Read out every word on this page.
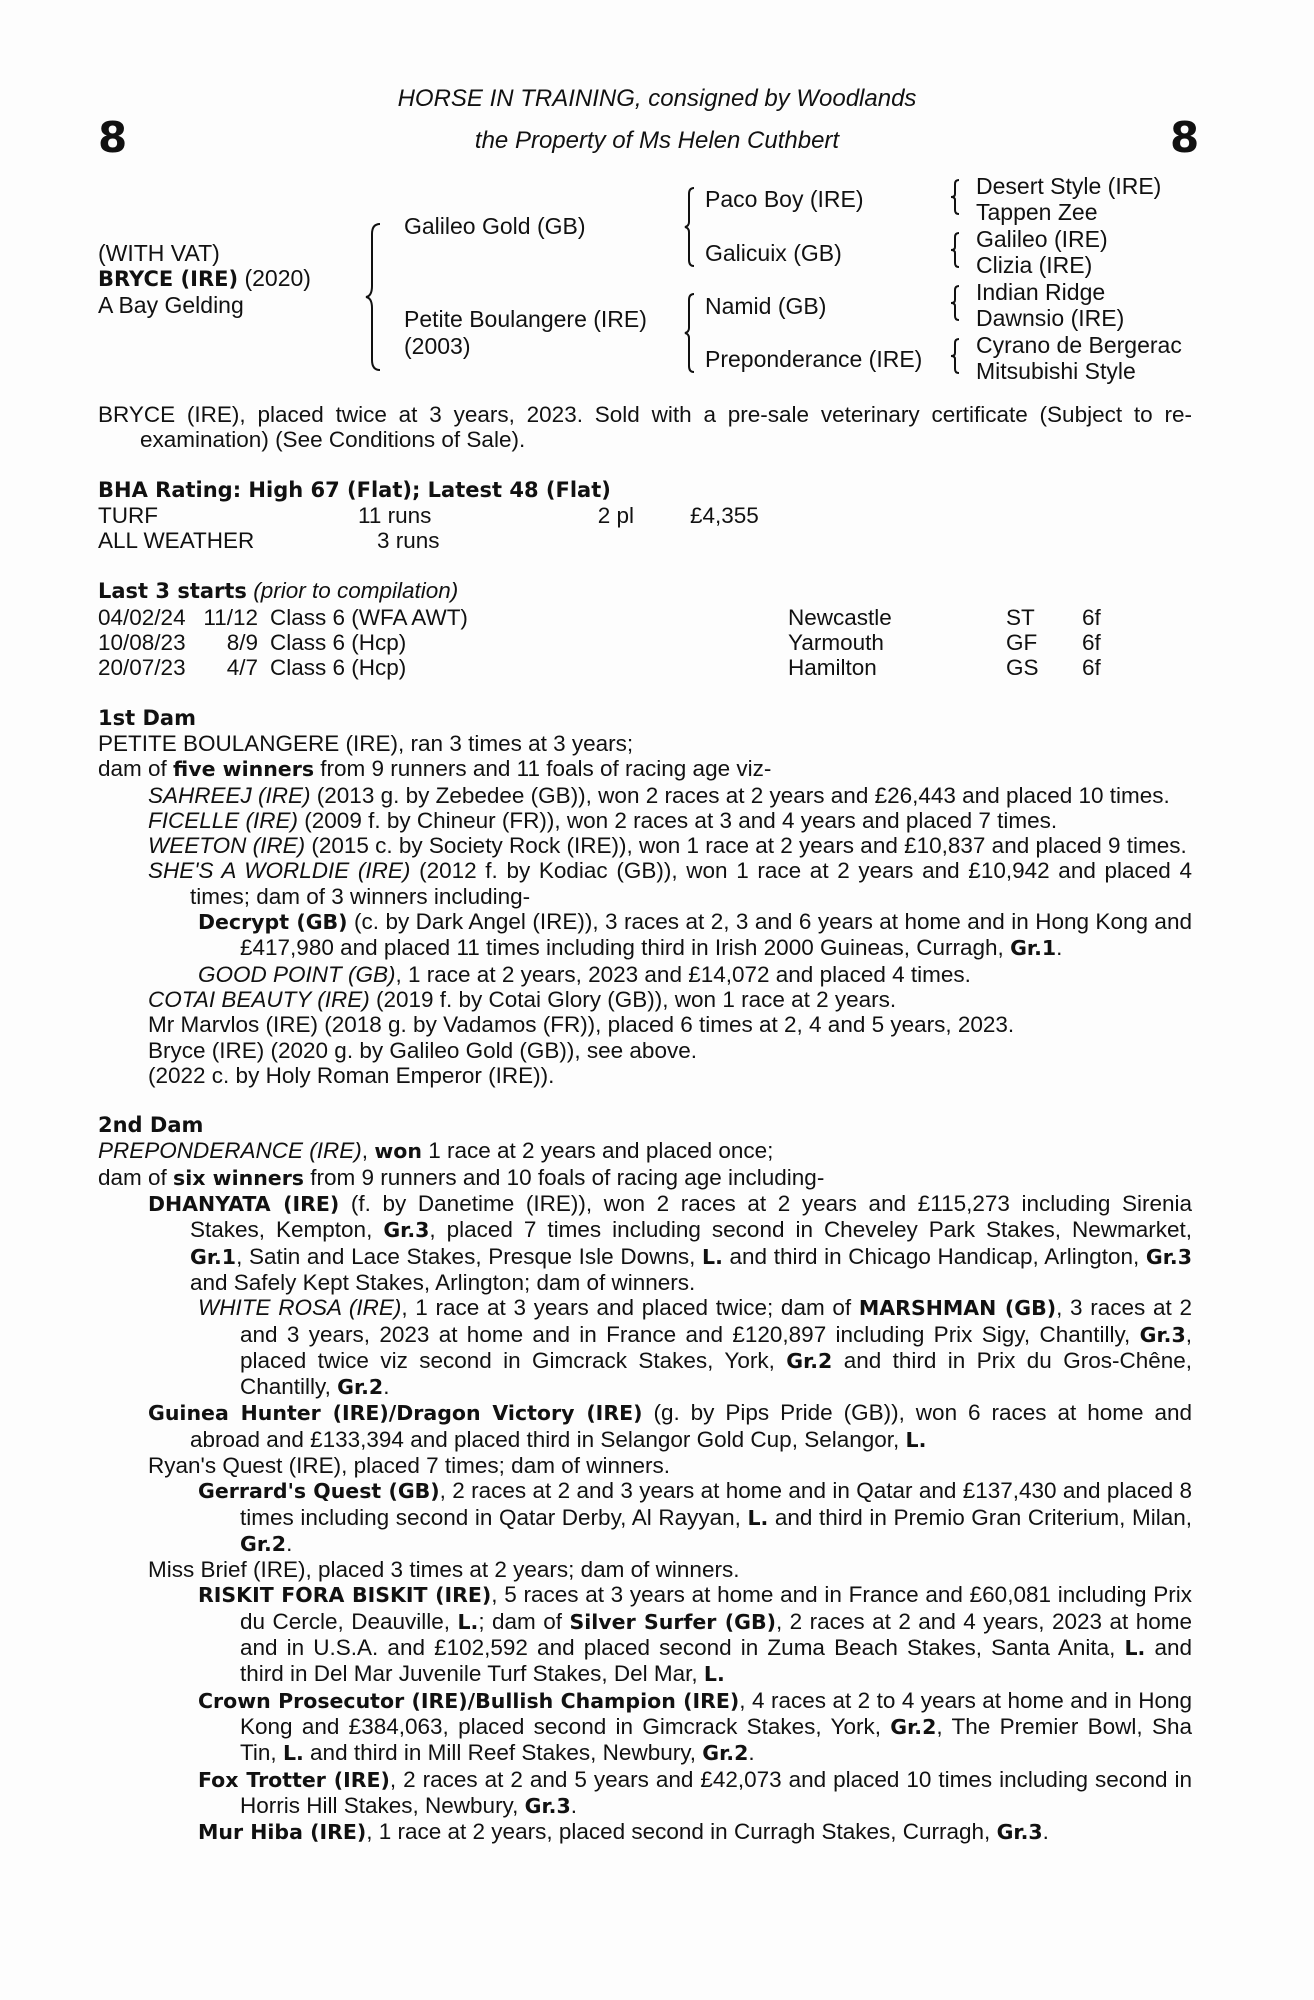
8	8
HORSE IN TRAINING, consigned by Woodlands
the Property of Ms Helen Cuthbert
(WITH VAT)
BRYCE (IRE) (2020)
A Bay Gelding
Galileo Gold (GB)
Petite Boulangere (IRE)
(2003)
Paco Boy (IRE)
Galicuix (GB)
Namid (GB)
Preponderance (IRE)
Desert Style (IRE)
Tappen Zee
Galileo (IRE)
Clizia (IRE)
Indian Ridge
Dawnsio (IRE)
Cyrano de Bergerac
Mitsubishi Style
BRYCE (IRE), placed twice at 3 years, 2023. Sold with a pre-sale veterinary certificate (Subject to re-examination) (See Conditions of Sale).
BHA Rating: High 67 (Flat); Latest 48 (Flat)
TURF	11 runs	2 pl	£4,355
ALL WEATHER	3 runs		
Last 3 starts (prior to compilation)
04/02/24	11/12	Class 6 (WFA AWT)	Newcastle	ST	6f
10/08/23	8/9	Class 6 (Hcp)	Yarmouth	GF	6f
20/07/23	4/7	Class 6 (Hcp)	Hamilton	GS	6f
1st Dam
PETITE BOULANGERE (IRE), ran 3 times at 3 years;
dam of five winners from 9 runners and 11 foals of racing age viz-
SAHREEJ (IRE) (2013 g. by Zebedee (GB)), won 2 races at 2 years and £26,443 and placed 10 times.
FICELLE (IRE) (2009 f. by Chineur (FR)), won 2 races at 3 and 4 years and placed 7 times.
WEETON (IRE) (2015 c. by Society Rock (IRE)), won 1 race at 2 years and £10,837 and placed 9 times.
SHE'S A WORLDIE (IRE) (2012 f. by Kodiac (GB)), won 1 race at 2 years and £10,942 and placed 4 times; dam of 3 winners including-
Decrypt (GB) (c. by Dark Angel (IRE)), 3 races at 2, 3 and 6 years at home and in Hong Kong and £417,980 and placed 11 times including third in Irish 2000 Guineas, Curragh, Gr.1.
GOOD POINT (GB), 1 race at 2 years, 2023 and £14,072 and placed 4 times.
COTAI BEAUTY (IRE) (2019 f. by Cotai Glory (GB)), won 1 race at 2 years.
Mr Marvlos (IRE) (2018 g. by Vadamos (FR)), placed 6 times at 2, 4 and 5 years, 2023.
Bryce (IRE) (2020 g. by Galileo Gold (GB)), see above.
(2022 c. by Holy Roman Emperor (IRE)).
2nd Dam
PREPONDERANCE (IRE), won 1 race at 2 years and placed once;
dam of six winners from 9 runners and 10 foals of racing age including-
DHANYATA (IRE) (f. by Danetime (IRE)), won 2 races at 2 years and £115,273 including Sirenia Stakes, Kempton, Gr.3, placed 7 times including second in Cheveley Park Stakes, Newmarket, Gr.1, Satin and Lace Stakes, Presque Isle Downs, L. and third in Chicago Handicap, Arlington, Gr.3 and Safely Kept Stakes, Arlington; dam of winners.
WHITE ROSA (IRE), 1 race at 3 years and placed twice; dam of MARSHMAN (GB), 3 races at 2 and 3 years, 2023 at home and in France and £120,897 including Prix Sigy, Chantilly, Gr.3, placed twice viz second in Gimcrack Stakes, York, Gr.2 and third in Prix du Gros-Chêne, Chantilly, Gr.2.
Guinea Hunter (IRE)/Dragon Victory (IRE) (g. by Pips Pride (GB)), won 6 races at home and abroad and £133,394 and placed third in Selangor Gold Cup, Selangor, L.
Ryan's Quest (IRE), placed 7 times; dam of winners.
Gerrard's Quest (GB), 2 races at 2 and 3 years at home and in Qatar and £137,430 and placed 8 times including second in Qatar Derby, Al Rayyan, L. and third in Premio Gran Criterium, Milan, Gr.2.
Miss Brief (IRE), placed 3 times at 2 years; dam of winners.
RISKIT FORA BISKIT (IRE), 5 races at 3 years at home and in France and £60,081 including Prix du Cercle, Deauville, L.; dam of Silver Surfer (GB), 2 races at 2 and 4 years, 2023 at home and in U.S.A. and £102,592 and placed second in Zuma Beach Stakes, Santa Anita, L. and third in Del Mar Juvenile Turf Stakes, Del Mar, L.
Crown Prosecutor (IRE)/Bullish Champion (IRE), 4 races at 2 to 4 years at home and in Hong Kong and £384,063, placed second in Gimcrack Stakes, York, Gr.2, The Premier Bowl, Sha Tin, L. and third in Mill Reef Stakes, Newbury, Gr.2.
Fox Trotter (IRE), 2 races at 2 and 5 years and £42,073 and placed 10 times including second in Horris Hill Stakes, Newbury, Gr.3.
Mur Hiba (IRE), 1 race at 2 years, placed second in Curragh Stakes, Curragh, Gr.3.
